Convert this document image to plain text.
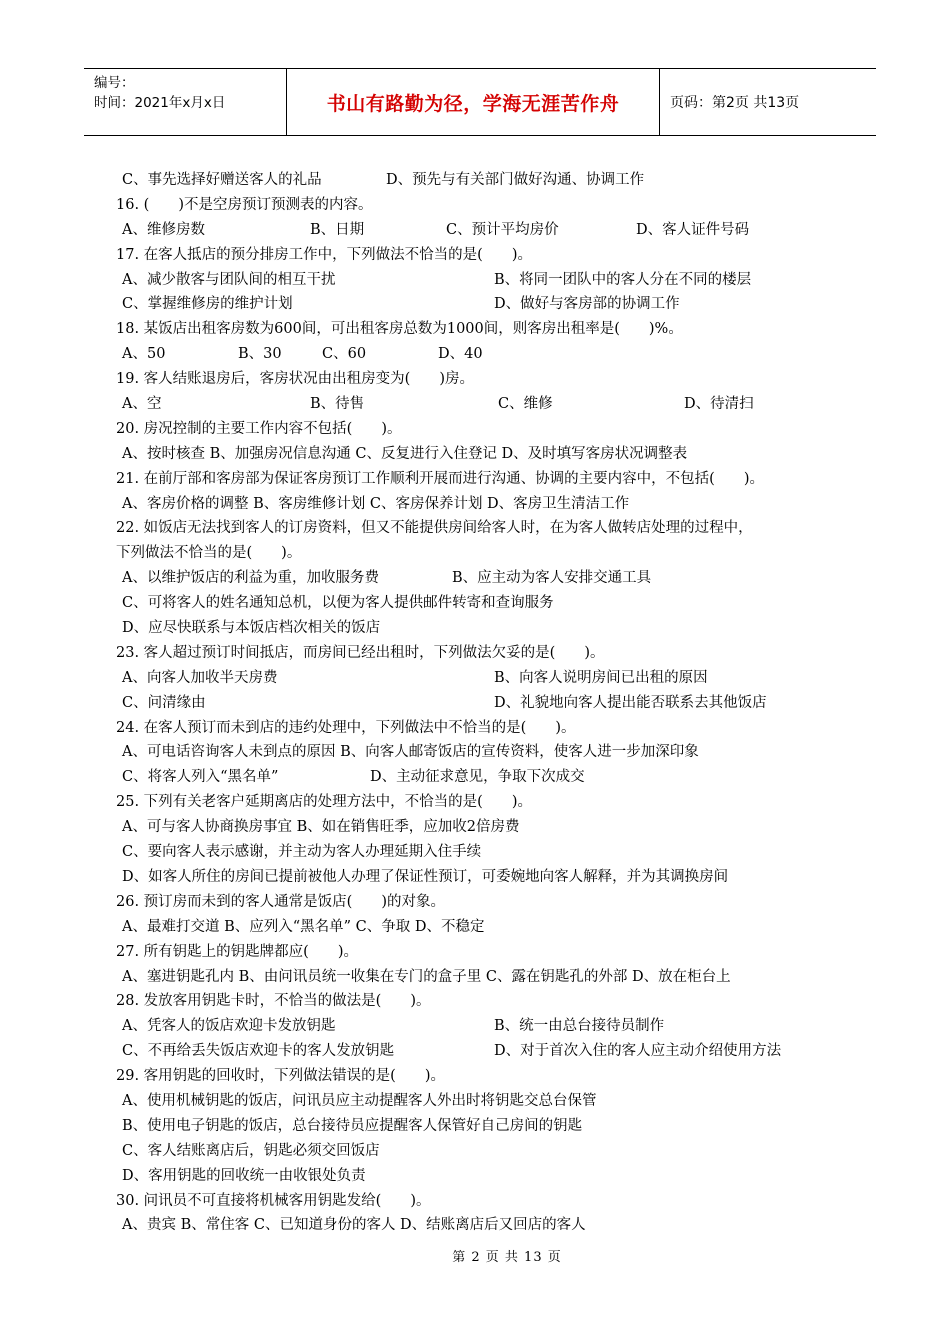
编号：
时间：2021年x月x日	书山有路勤为径，学海无涯苦作舟	页码：第2页 共13页
C、事先选择好赠送客人的礼品	D、预先与有关部门做好沟通、协调工作
16. (　　)不是空房预订预测表的内容。
A、维修房数	B、日期	C、预计平均房价	D、客人证件号码
17. 在客人抵店的预分排房工作中，下列做法不恰当的是(　　)。
A、减少散客与团队间的相互干扰	B、将同一团队中的客人分在不同的楼层
C、掌握维修房的维护计划	D、做好与客房部的协调工作
18. 某饭店出租客房数为600间，可出租客房总数为1000间，则客房出租率是(　　)%。
A、50	B、30	C、60	D、40
19. 客人结账退房后，客房状况由出租房变为(　　)房。
A、空	B、待售	C、维修	D、待清扫
20. 房况控制的主要工作内容不包括(　　)。
A、按时核查 B、加强房况信息沟通 C、反复进行入住登记 D、及时填写客房状况调整表
21. 在前厅部和客房部为保证客房预订工作顺利开展而进行沟通、协调的主要内容中，不包括(　　)。
A、客房价格的调整 B、客房维修计划 C、客房保养计划 D、客房卫生清洁工作
22. 如饭店无法找到客人的订房资料，但又不能提供房间给客人时，在为客人做转店处理的过程中，
下列做法不恰当的是(　　)。
A、以维护饭店的利益为重，加收服务费	B、应主动为客人安排交通工具
C、可将客人的姓名通知总机，以便为客人提供邮件转寄和查询服务
D、应尽快联系与本饭店档次相关的饭店
23. 客人超过预订时间抵店，而房间已经出租时，下列做法欠妥的是(　　)。
A、向客人加收半天房费	B、向客人说明房间已出租的原因
C、问清缘由	D、礼貌地向客人提出能否联系去其他饭店
24. 在客人预订而未到店的违约处理中，下列做法中不恰当的是(　　)。
A、可电话咨询客人未到点的原因 B、向客人邮寄饭店的宣传资料，使客人进一步加深印象
C、将客人列入“黑名单”	D、主动征求意见，争取下次成交
25. 下列有关老客户延期离店的处理方法中，不恰当的是(　　)。
A、可与客人协商换房事宜 B、如在销售旺季，应加收2倍房费
C、要向客人表示感谢，并主动为客人办理延期入住手续
D、如客人所住的房间已提前被他人办理了保证性预订，可委婉地向客人解释，并为其调换房间
26. 预订房而未到的客人通常是饭店(　　)的对象。
A、最难打交道 B、应列入“黑名单” C、争取 D、不稳定
27. 所有钥匙上的钥匙牌都应(　　)。
A、塞进钥匙孔内 B、由问讯员统一收集在专门的盒子里 C、露在钥匙孔的外部 D、放在柜台上
28. 发放客用钥匙卡时，不恰当的做法是(　　)。
A、凭客人的饭店欢迎卡发放钥匙	B、统一由总台接待员制作
C、不再给丢失饭店欢迎卡的客人发放钥匙	D、对于首次入住的客人应主动介绍使用方法
29. 客用钥匙的回收时，下列做法错误的是(　　)。
A、使用机械钥匙的饭店，问讯员应主动提醒客人外出时将钥匙交总台保管
B、使用电子钥匙的饭店，总台接待员应提醒客人保管好自己房间的钥匙
C、客人结账离店后，钥匙必须交回饭店
D、客用钥匙的回收统一由收银处负责
30. 问讯员不可直接将机械客用钥匙发给(　　)。
A、贵宾 B、常住客 C、已知道身份的客人 D、结账离店后又回店的客人
第 2 页 共 13 页
